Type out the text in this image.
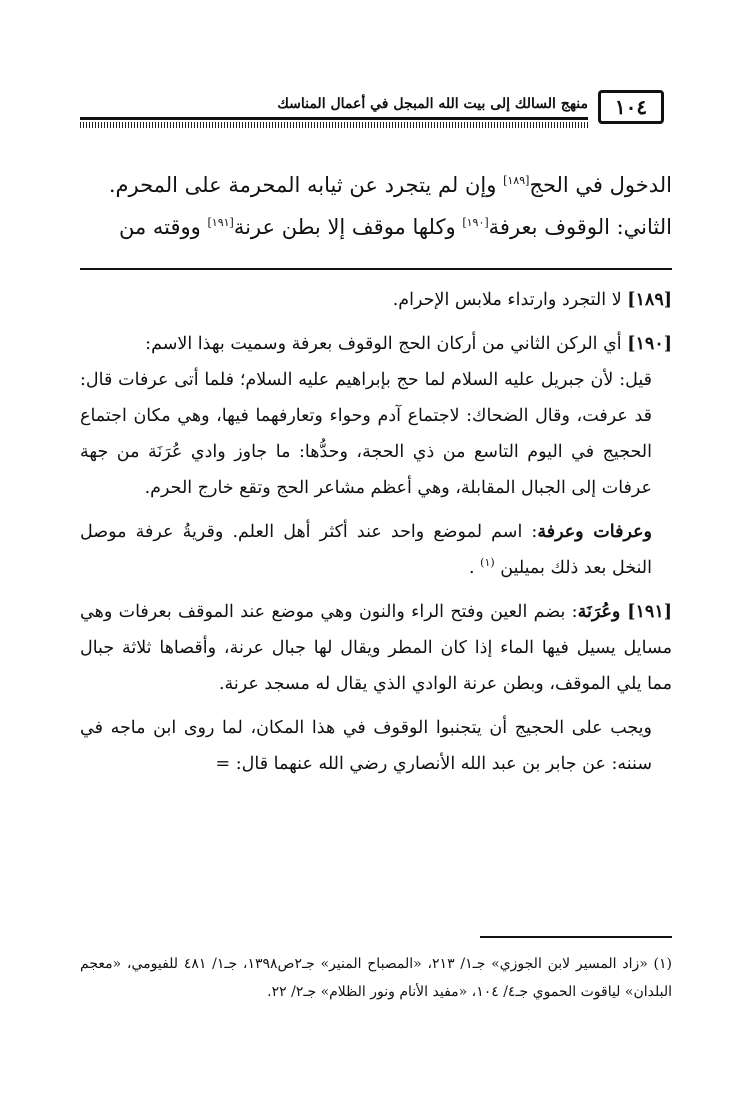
منهج السالك إلى بيت الله المبجل في أعمال المناسك	١٠٤

الدخول في الحج[١٨٩] وإن لم يتجرد عن ثيابه المحرمة على المحرم.

الثاني: الوقوف بعرفة[١٩٠] وكلها موقف إلا بطن عرنة[١٩١] ووقته من

[١٨٩] لا التجرد وارتداء ملابس الإحرام.

[١٩٠] أي الركن الثاني من أركان الحج الوقوف بعرفة وسميت بهذا الاسم:

قيل: لأن جبريل عليه السلام لما حج بإبراهيم عليه السلام؛ فلما أتى عرفات قال: قد عرفت، وقال الضحاك: لاجتماع آدم وحواء وتعارفهما فيها، وهي مكان اجتماع الحجيج في اليوم التاسع من ذي الحجة، وحدُّها: ما جاوز وادي عُرَنَة من جهة عرفات إلى الجبال المقابلة، وهي أعظم مشاعر الحج وتقع خارج الحرم.

وعرفات وعرفة: اسم لموضع واحد عند أكثر أهل العلم. وقريةُ عرفة موصل النخل بعد ذلك بميلين $^{(١)}$ .

[١٩١] وعُرَنَة: بضم العين وفتح الراء والنون وهي موضع عند الموقف بعرفات وهي مسايل يسيل فيها الماء إذا كان المطر ويقال لها جبال عرنة، وأقصاها ثلاثة جبال مما يلي الموقف، وبطن عرنة الوادي الذي يقال له مسجد عرنة.

ويجب على الحجيج أن يتجنبوا الوقوف في هذا المكان، لما روى ابن ماجه في سننه: عن جابر بن عبد الله الأنصاري رضي الله عنهما قال: =

(١) «زاد المسير لابن الجوزي» جـ١/ ٢١٣، «المصباح المنير» جـ٢ص١٣٩٨، جـ١/ ٤٨١ للفيومي، «معجم البلدان» لياقوت الحموي جـ٤/ ١٠٤، «مفيد الأنام ونور الظلام» جـ٢/ ٢٢.
